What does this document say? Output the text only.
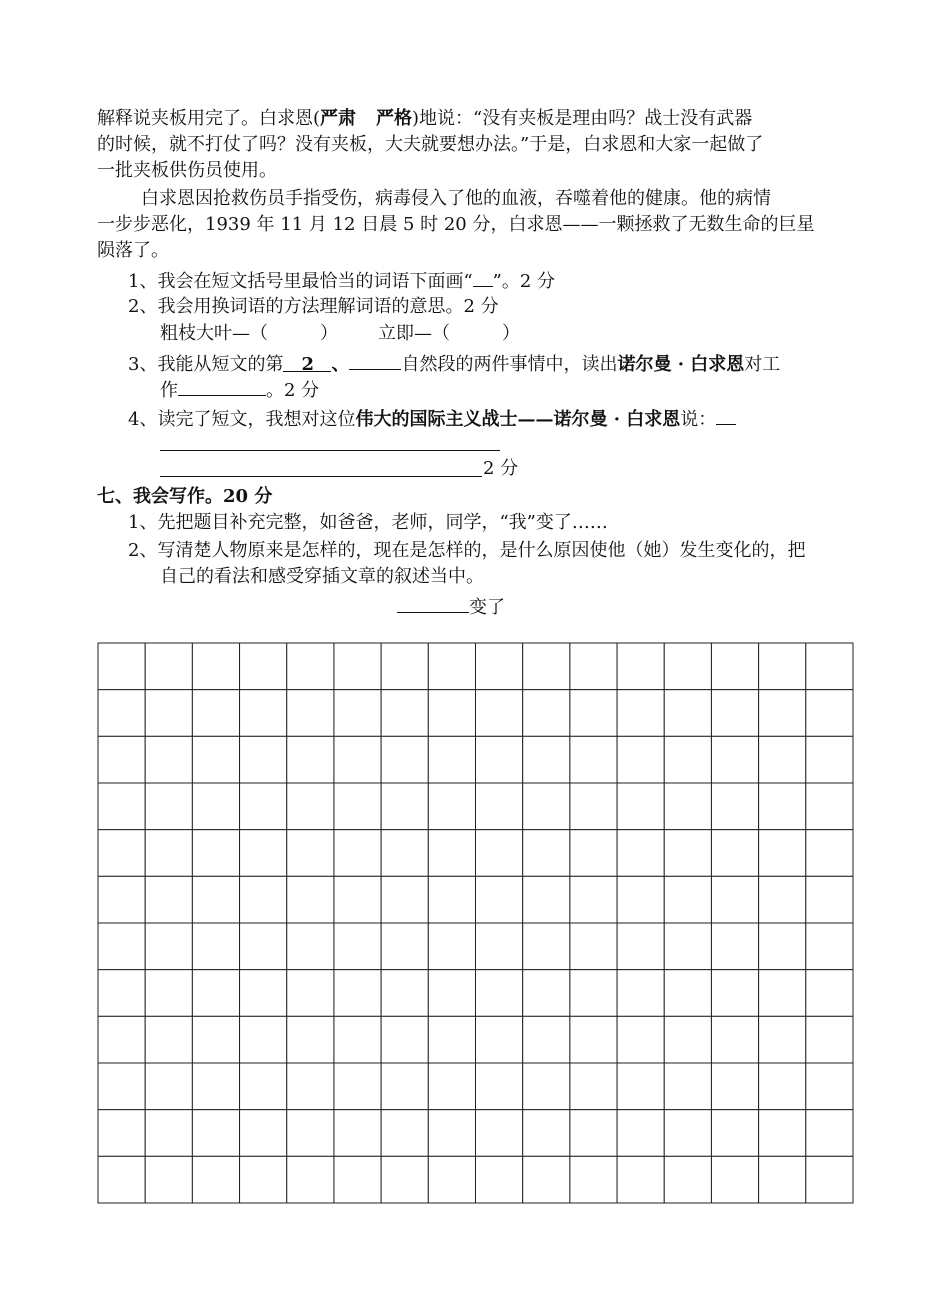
解释说夹板用完了。白求恩(严肃 严格)地说：“没有夹板是理由吗？战士没有武器
的时候，就不打仗了吗？没有夹板，大夫就要想办法。”于是，白求恩和大家一起做了
一批夹板供伤员使用。
白求恩因抢救伤员手指受伤，病毒侵入了他的血液，吞噬着他的健康。他的病情
一步步恶化，1939 年 11 月 12 日晨 5 时 20 分，白求恩——一颗拯救了无数生命的巨星
陨落了。
1、我会在短文括号里最恰当的词语下面画“ ”。2 分
2、我会用换词语的方法理解词语的意思。2 分
粗枝大叶—（	） 立即—（	）
3、我能从短文的第 2 、	自然段的两件事情中，读出诺尔曼 · 白求恩对工
作	。2 分
4、读完了短文，我想对这位伟大的国际主义战士——诺尔曼 · 白求恩说：
2 分
七、我会写作。20 分
1、先把题目补充完整，如爸爸，老师，同学，“我”变了……
2、写清楚人物原来是怎样的，现在是怎样的，是什么原因使他（她）发生变化的，把
自己的看法和感受穿插文章的叙述当中。
变了
